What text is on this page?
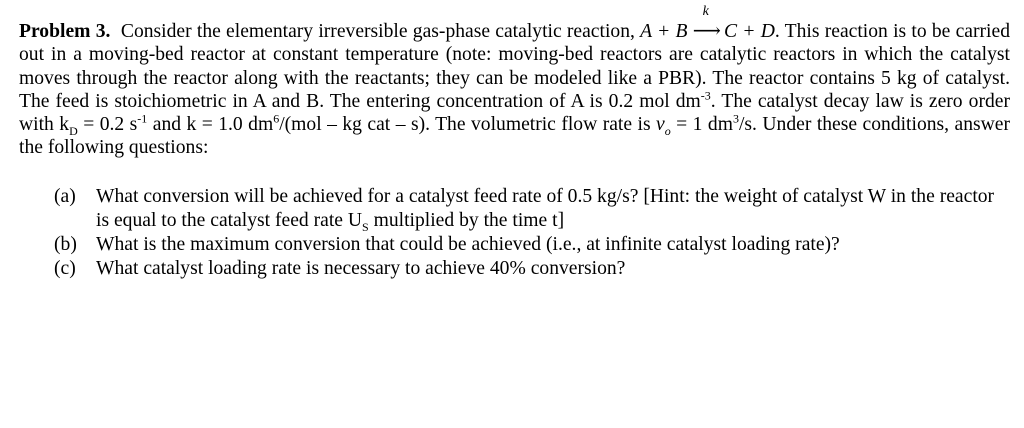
Problem 3. Consider the elementary irreversible gas-phase catalytic reaction, A + B
k
⟶ C + D. This reaction is to be carried out in a moving-bed reactor at constant temperature (note: moving-bed reactors are catalytic reactors in which the catalyst moves through the reactor along with the reactants; they can be modeled like a PBR). The reactor contains 5 kg of catalyst. The feed is stoichiometric in A and B. The entering concentration of A is 0.2 mol $dm^{-3}$. The catalyst decay law is zero order with $k_D = 0.2$ $s^{-1}$ and k = 1.0 $dm^6/(mol$ – kg cat – s). The volumetric flow rate is $v_o = 1$ $dm^3/s$. Under these conditions, answer the following questions:

(a) What conversion will be achieved for a catalyst feed rate of 0.5 kg/s? [Hint: the weight of catalyst W in the reactor is equal to the catalyst feed rate $U_S$ multiplied by the time t]
(b) What is the maximum conversion that could be achieved (i.e., at infinite catalyst loading rate)?
(c) What catalyst loading rate is necessary to achieve 40% conversion?
